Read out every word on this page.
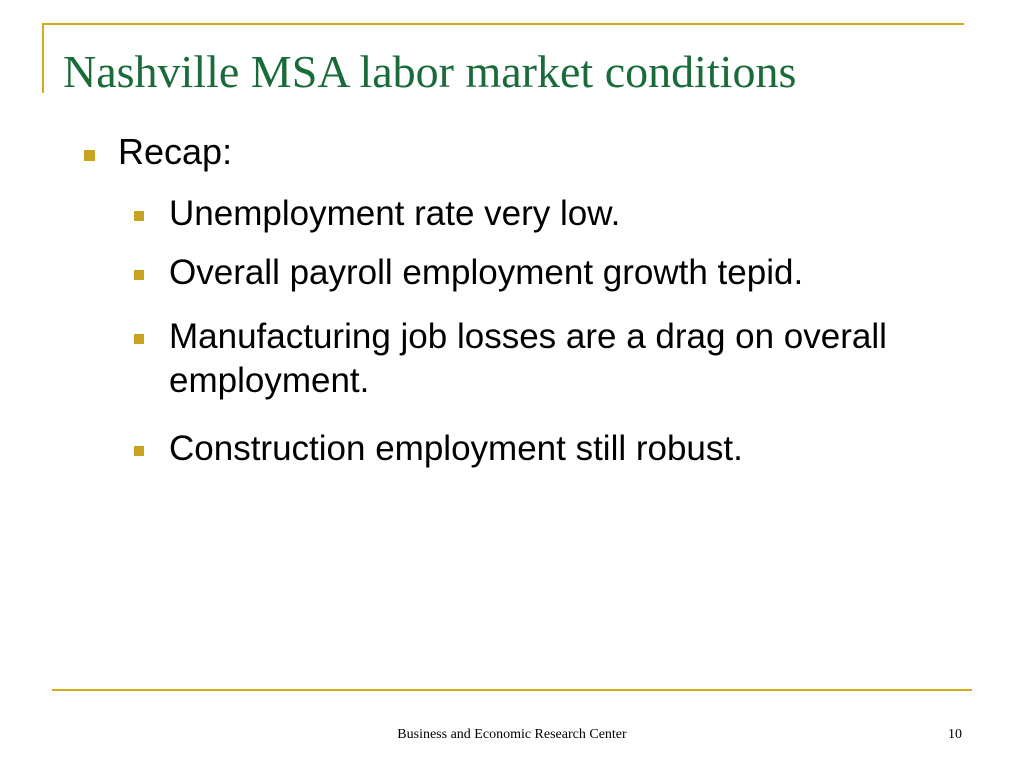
Nashville MSA labor market conditions
Recap:
Unemployment rate very low.
Overall payroll employment growth tepid.
Manufacturing job losses are a drag on overall employment.
Construction employment still robust.
Business and Economic Research Center	10
